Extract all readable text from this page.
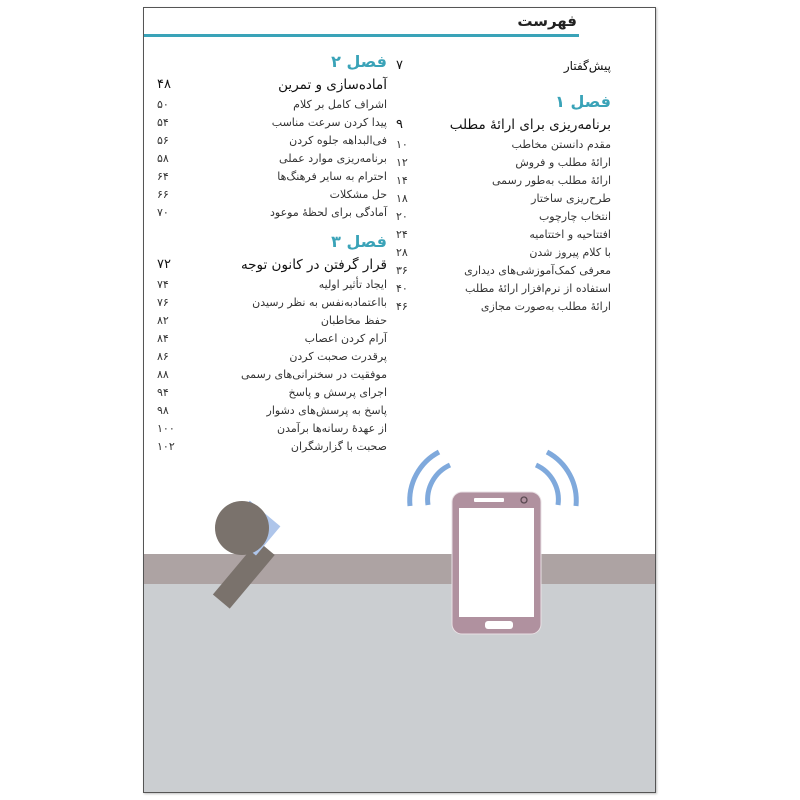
فهرست
پیش‌گفتار
۷
فصل ۱
برنامه‌ریزی برای ارائهٔ مطلب
۹
مقدم دانستن مخاطب
۱۰
ارائهٔ مطلب و فروش
۱۲
ارائهٔ مطلب به‌طور رسمی
۱۴
طرح‌ریزی ساختار
۱۸
انتخاب چارچوب
۲۰
افتتاحیه و اختتامیه
۲۴
با کلام پیروز شدن
۲۸
معرفی کمک‌آموزشی‌های دیداری
۳۶
استفاده از نرم‌افزار ارائهٔ مطلب
۴۰
ارائهٔ مطلب به‌صورت مجازی
۴۶
فصل ۲
آماده‌سازی و تمرین
۴۸
اشراف کامل بر کلام
۵۰
پیدا کردن سرعت مناسب
۵۴
فی‌البداهه جلوه کردن
۵۶
برنامه‌ریزی موارد عملی
۵۸
احترام به سایر فرهنگ‌ها
۶۴
حل مشکلات
۶۶
آمادگی برای لحظهٔ موعود
۷۰
فصل ۳
قرار گرفتن در کانون توجه
۷۲
ایجاد تأثیر اولیه
۷۴
بااعتمادبه‌نفس به نظر رسیدن
۷۶
حفظ مخاطبان
۸۲
آرام کردن اعصاب
۸۴
پرقدرت صحبت کردن
۸۶
موفقیت در سخنرانی‌های رسمی
۸۸
اجرای پرسش و پاسخ
۹۴
پاسخ به پرسش‌های دشوار
۹۸
از عهدهٔ رسانه‌ها برآمدن
۱۰۰
صحبت با گزارشگران
۱۰۲
